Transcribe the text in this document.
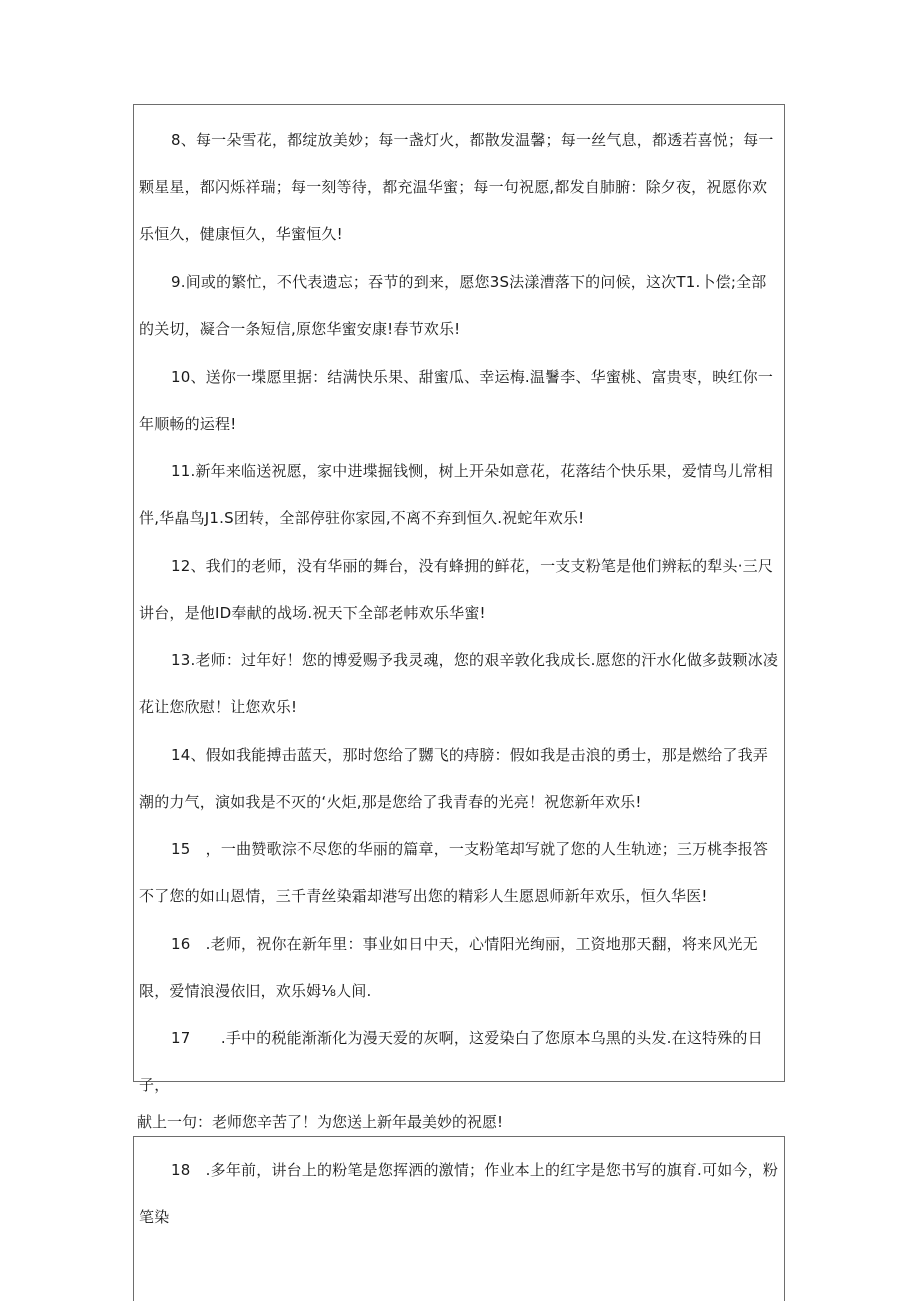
8、每一朵雪花，都绽放美妙；每一盏灯火，都散发温馨；每一丝气息，都透若喜悦；每一颗星星，都闪烁祥瑞；每一刻等待，都充温华蜜；每一句祝愿,都发自肺腑：除夕夜，祝愿你欢乐恒久，健康恒久，华蜜恒久!

9.间或的繁忙，不代表遗忘；吞节的到来，愿您3S法漾漕落下的问候，这次T1.卜偿;全部的关切，凝合一条短信,原您华蜜安康!春节欢乐!

10、送你一堞愿里据：结满快乐果、甜蜜瓜、幸运梅.温鬐李、华蜜桃、富贵枣，映红你一年顺畅的运程!

11.新年来临送祝愿，家中进堞掘钱恻，树上开朵如意花，花落结个快乐果，爱情鸟儿常相伴,华皛鸟J1.S团转，全部停驻你家园,不离不弃到恒久.祝蛇年欢乐!

12、我们的老师，没有华丽的舞台，没有蜂拥的鲜花，一支支粉笔是他们辨耘的犁头·三尺讲台，是他ID奉献的战场.祝天下全部老帏欢乐华蜜!

13.老师：过年好！您的博爱赐予我灵魂，您的艰辛敦化我成长.愿您的汗水化做多鼓颗冰凌花让您欣慰！让您欢乐!

14、假如我能搏击蓝天，那时您给了嬲飞的痔膀：假如我是击浪的勇士，那是燃给了我弄潮的力气，演如我是不灭的‘火炬,那是您给了我青春的光亮！祝您新年欢乐!

15　，一曲赞歌淙不尽您的华丽的篇章，一支粉笔却写就了您的人生轨迹；三万桃李报答不了您的如山恩情，三千青丝染霜却港写出您的精彩人生愿恩师新年欢乐，恒久华医!

16　.老师，祝你在新年里：事业如日中天，心情阳光绚丽，工资地那天翻，将来风光无限，爱情浪漫依旧，欢乐姆⅛人间.

17　　.手中的税能渐渐化为漫天爱的灰啊，这爱染白了您原本乌黑的头发.在这特殊的日子，

献上一句：老师您辛苦了！为您送上新年最美妙的祝愿!

18　.多年前，讲台上的粉笔是您挥洒的激情；作业本上的红字是您书写的旗育.可如今，粉笔染
